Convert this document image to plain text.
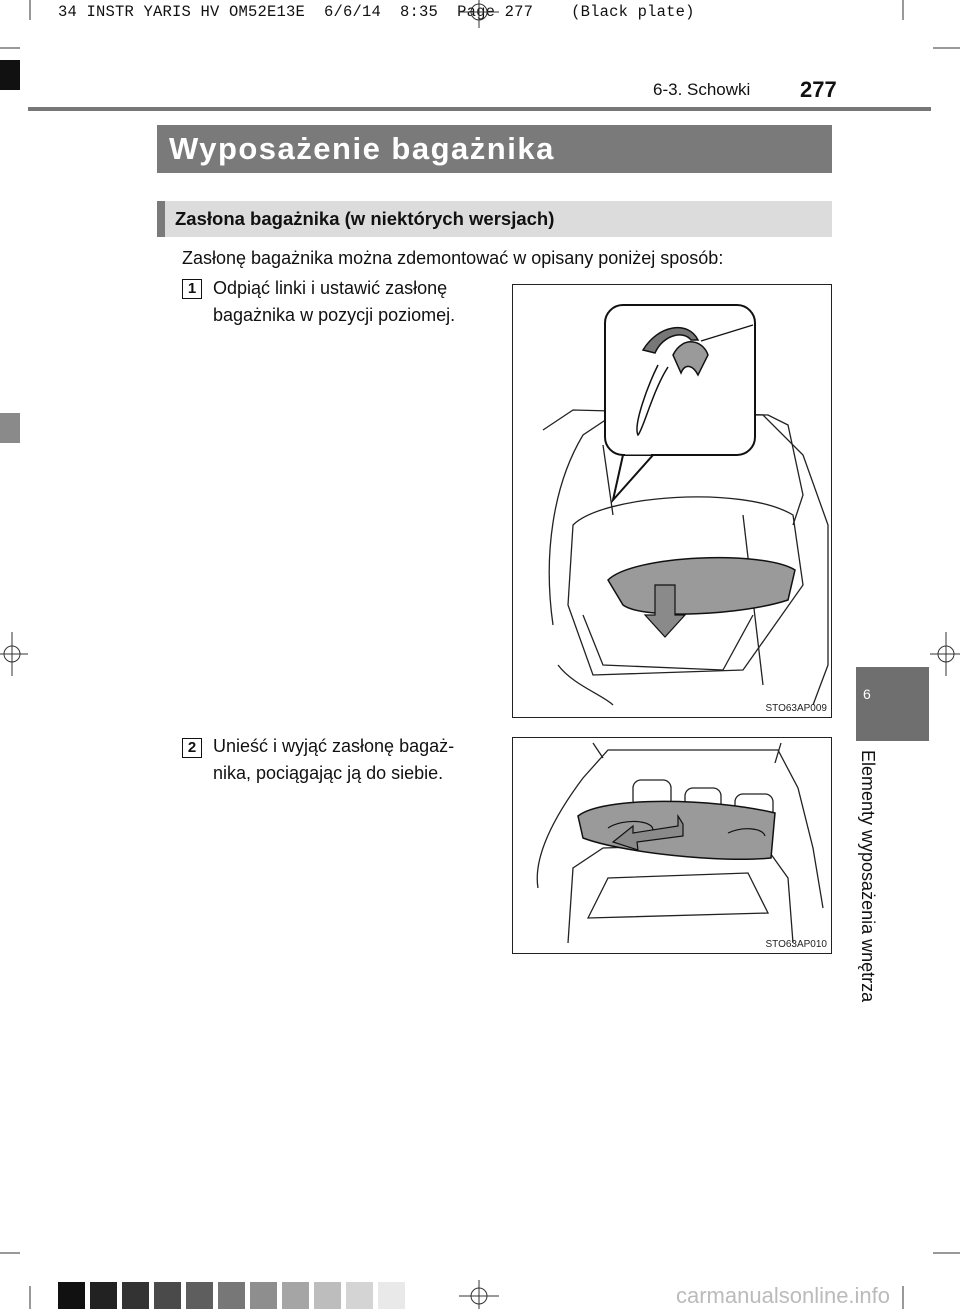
34 INSTR YARIS HV OM52E13E  6/6/14  8:35  Page 277    (Black plate)
6-3. Schowki 277
Wyposażenie bagażnika
Zasłona bagażnika (w niektórych wersjach)
Zasłonę bagażnika można zdemontować w opisany poniżej sposób:
1 Odpiąć linki i ustawić zasłonę
bagażnika w pozycji poziomej.
STO63AP009
2 Unieść i wyjąć zasłonę bagaż-
nika, pociągając ją do siebie.
STO63AP010
6
Elementy wyposażenia wnętrza
carmanualsonline.info
